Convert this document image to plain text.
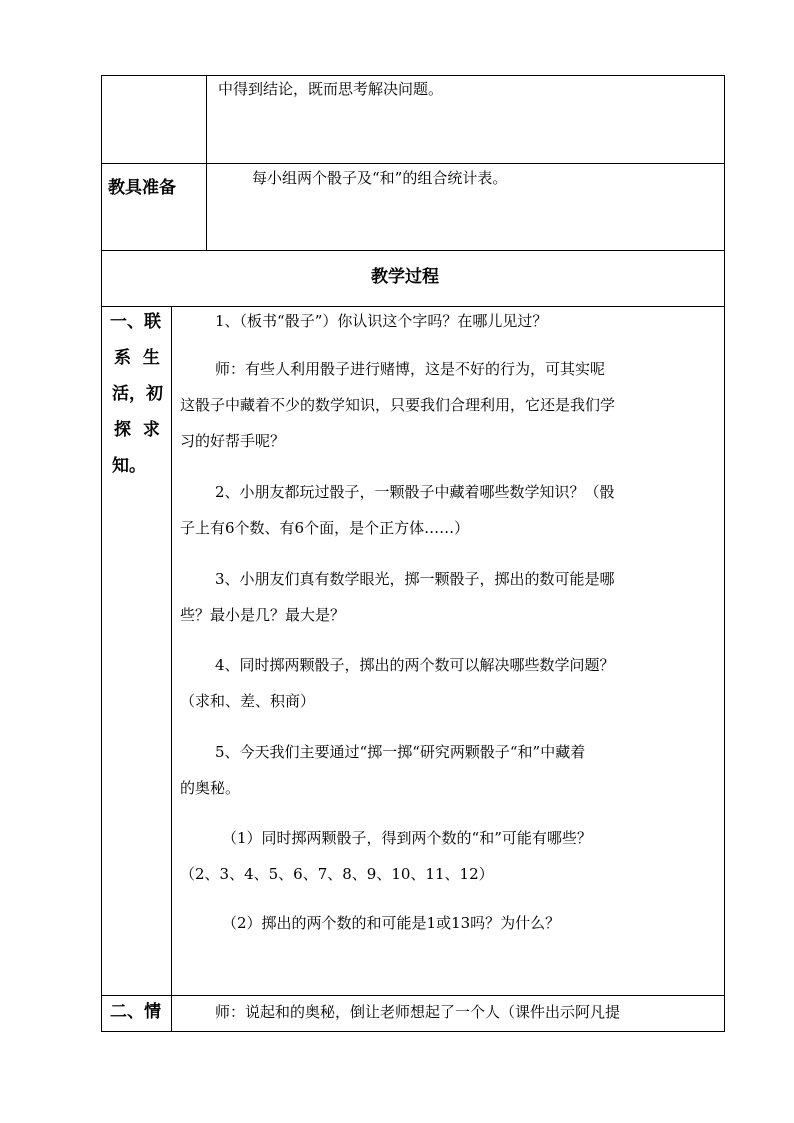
中得到结论，既而思考解决问题。
教具准备	每小组两个骰子及“和”的组合统计表。
教学过程
一、联
系  生
活，初
探  求
知。
1、（板书“骰子”）你认识这个字吗？在哪儿见过？
师：有些人利用骰子进行赌博，这是不好的行为，可其实呢
这骰子中藏着不少的数学知识，只要我们合理利用，它还是我们学
习的好帮手呢？
2、小朋友都玩过骰子，一颗骰子中藏着哪些数学知识？（骰
子上有6个数、有6个面，是个正方体……）
3、小朋友们真有数学眼光，掷一颗骰子，掷出的数可能是哪
些？最小是几？最大是？
4、同时掷两颗骰子，掷出的两个数可以解决哪些数学问题？
（求和、差、积商）
5、今天我们主要通过“掷一掷“研究两颗骰子“和”中藏着
的奥秘。
（1）同时掷两颗骰子，得到两个数的“和”可能有哪些？
（2、3、4、5、6、7、8、9、10、11、12）
（2）掷出的两个数的和可能是1或13吗？为什么？
二、情	师：说起和的奥秘，倒让老师想起了一个人（课件出示阿凡提
